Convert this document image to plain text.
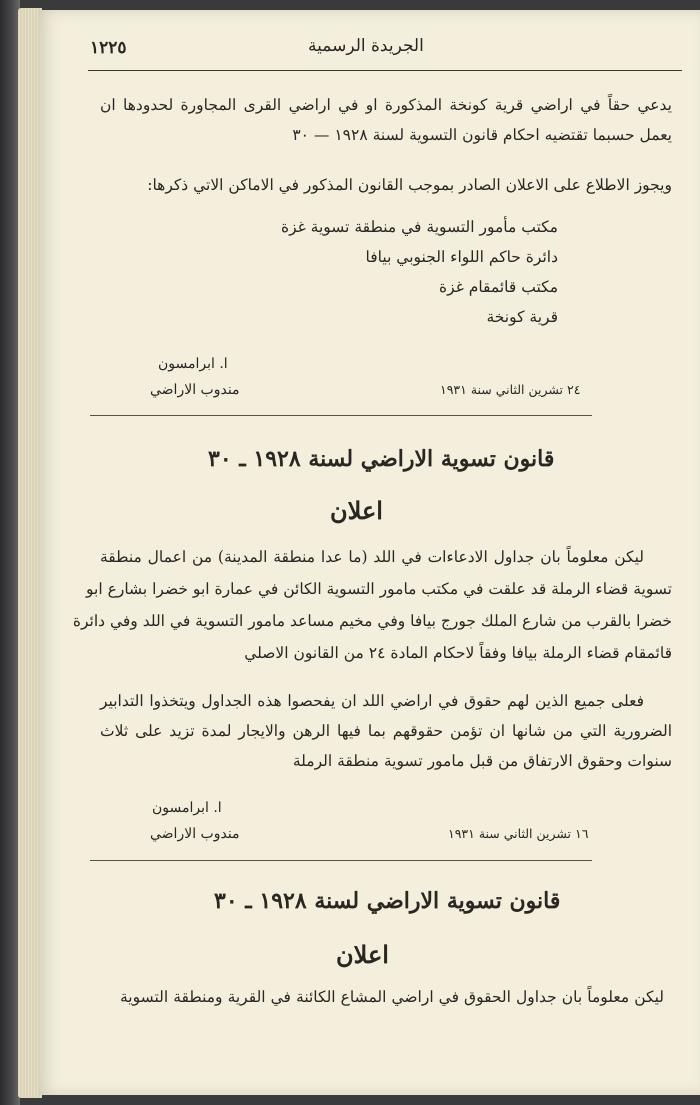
١٢٢٥	الجريدة الرسمية
يدعي حقاً في اراضي قرية كونخة المذكورة او في اراضي القرى المجاورة لحدودها ان
يعمل حسبما تقتضيه احكام قانون التسوية لسنة ١٩٢٨ — ٣٠
ويجوز الاطلاع على الاعلان الصادر بموجب القانون المذكور في الاماكن الاتي ذكرها:
مكتب مأمور التسوية في منطقة تسوية غزة
دائرة حاكم اللواء الجنوبي بيافا
مكتب قائمقام غزة
قرية كونخة
ا. ابرامسون
مندوب الاراضي	٢٤ تشرين الثاني سنة ١٩٣١
قانون تسوية الاراضي لسنة ١٩٢٨ ـ ٣٠
اعلان
ليكن معلوماً بان جداول الادعاءات في اللد (ما عدا منطقة المدينة) من اعمال منطقة
تسوية قضاء الرملة قد علقت في مكتب مامور التسوية الكائن في عمارة ابو خضرا بشارع ابو
خضرا بالقرب من شارع الملك جورج بيافا وفي مخيم مساعد مامور التسوية في اللد وفي دائرة
قائمقام قضاء الرملة بيافا وفقاً لاحكام المادة ٢٤ من القانون الاصلي
فعلى جميع الذين لهم حقوق في اراضي اللد ان يفحصوا هذه الجداول ويتخذوا التدابير
الضرورية التي من شانها ان تؤمن حقوقهم بما فيها الرهن والايجار لمدة تزيد على ثلاث
سنوات وحقوق الارتفاق من قبل مامور تسوية منطقة الرملة
ا. ابرامسون
مندوب الاراضي	١٦ تشرين الثاني سنة ١٩٣١
قانون تسوية الاراضي لسنة ١٩٢٨ ـ ٣٠
اعلان
ليكن معلوماً بان جداول الحقوق في اراضي المشاع الكائنة في القرية ومنطقة التسوية
